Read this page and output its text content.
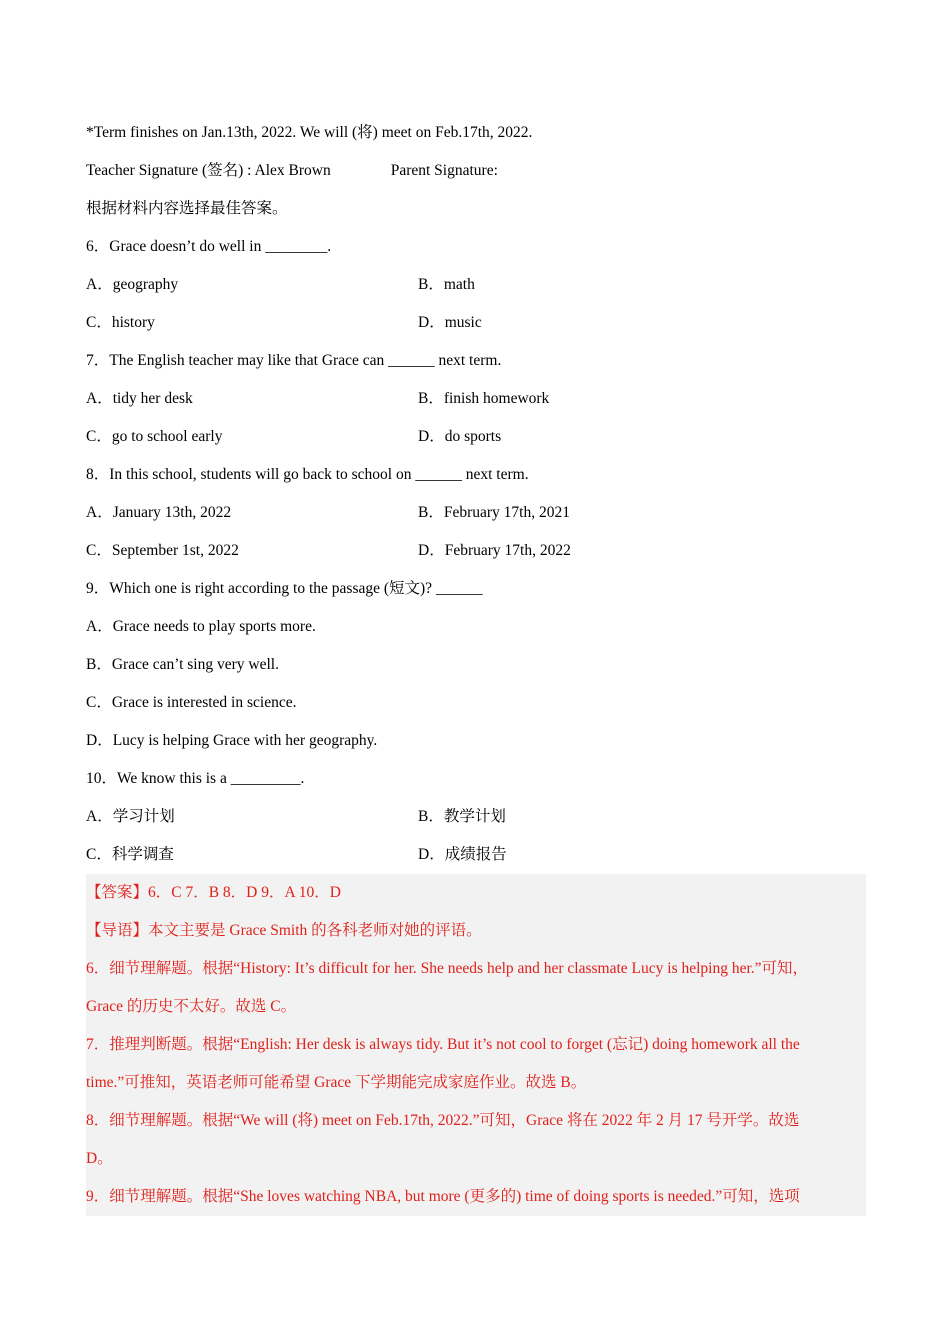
*Term finishes on Jan.13th, 2022. We will (将) meet on Feb.17th, 2022.
Teacher Signature (签名) : Alex Brown	Parent Signature:
根据材料内容选择最佳答案。
6．Grace doesn’t do well in ________.
A．geography	B．math
C．history	D．music
7．The English teacher may like that Grace can ______ next term.
A．tidy her desk	B．finish homework
C．go to school early	D．do sports
8．In this school, students will go back to school on ______ next term.
A．January 13th, 2022	B．February 17th, 2021
C．September 1st, 2022	D．February 17th, 2022
9．Which one is right according to the passage (短文)? ______
A．Grace needs to play sports more.
B．Grace can’t sing very well.
C．Grace is interested in science.
D．Lucy is helping Grace with her geography.
10．We know this is a _________.
A．学习计划	B．教学计划
C．科学调查	D．成绩报告
【答案】6．C 7．B 8．D 9．A 10．D
【导语】本文主要是 Grace Smith 的各科老师对她的评语。
6．细节理解题。根据“History: It’s difficult for her. She needs help and her classmate Lucy is helping her.”可知，
Grace 的历史不太好。故选 C。
7．推理判断题。根据“English: Her desk is always tidy. But it’s not cool to forget (忘记) doing homework all the
time.”可推知，英语老师可能希望 Grace 下学期能完成家庭作业。故选 B。
8．细节理解题。根据“We will (将) meet on Feb.17th, 2022.”可知，Grace 将在 2022 年 2 月 17 号开学。故选
D。
9．细节理解题。根据“She loves watching NBA, but more (更多的) time of doing sports is needed.”可知，选项
